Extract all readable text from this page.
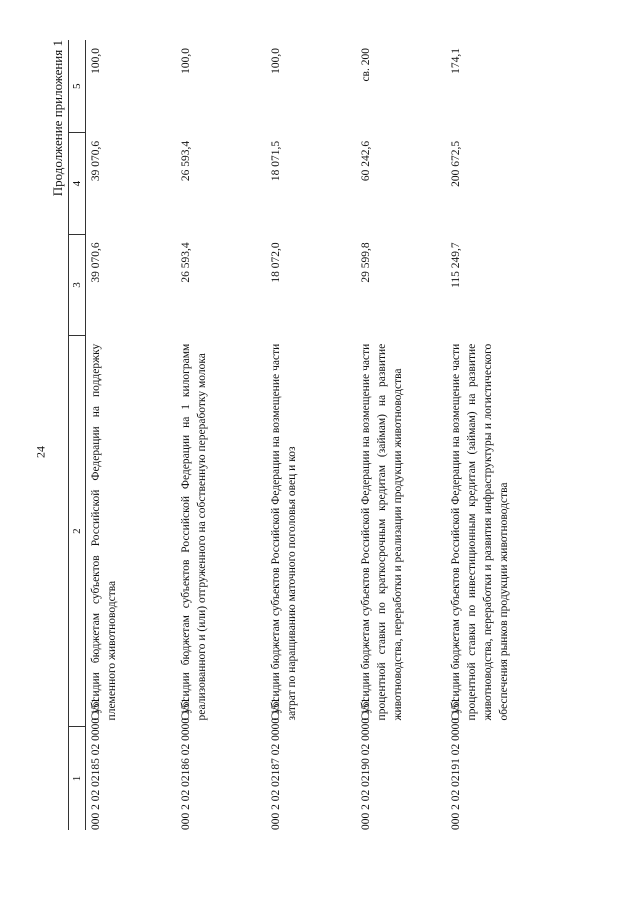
24
Продолжение приложения 1
1	2	3	4	5
000 2 02 02185 02 0000 151	Субсидии бюджетам субъектов Российской Федерации на поддержку племенного животноводства	39 070,6	39 070,6	100,0
000 2 02 02186 02 0000 151	Субсидии бюджетам субъектов Российской Федерации на 1 килограмм реализованного и (или) отгруженного на собственную переработку молока	26 593,4	26 593,4	100,0
000 2 02 02187 02 0000 151	Субсидии бюджетам субъектов Российской Федерации на возмещение части затрат по наращиванию маточного поголовья овец и коз	18 072,0	18 071,5	100,0
000 2 02 02190 02 0000 151	Субсидии бюджетам субъектов Российской Федерации на возмещение части процентной ставки по краткосрочным кредитам (займам) на развитие животноводства, переработки и реализации продукции животноводства	29 599,8	60 242,6	св. 200
000 2 02 02191 02 0000 151	Субсидии бюджетам субъектов Российской Федерации на возмещение части процентной ставки по инвестиционным кредитам (займам) на развитие животноводства, переработки и развития инфраструктуры и логистического обеспечения рынков продукции животноводства	115 249,7	200 672,5	174,1
